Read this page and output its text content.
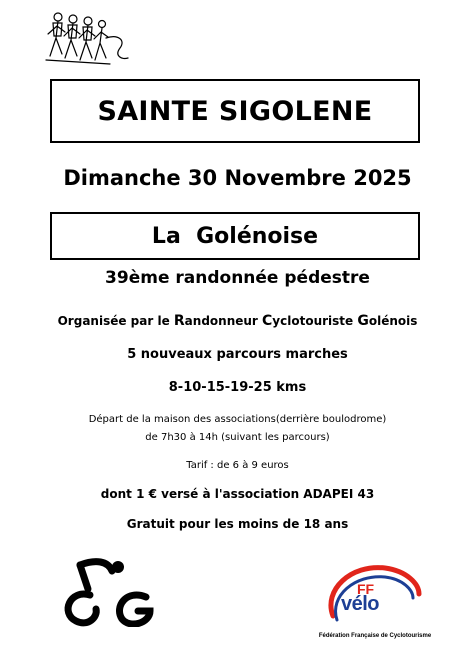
SAINTE SIGOLENE
Dimanche 30 Novembre 2025
La  Golénoise
39ème randonnée pédestre
Organisée par le Randonneur Cyclotouriste Golénois
5 nouveaux parcours marches
8-10-15-19-25 kms
Départ de la maison des associations(derrière boulodrome)
de 7h30 à 14h (suivant les parcours)
Tarif : de 6 à 9 euros
dont 1 € versé à l'association ADAPEI 43
Gratuit pour les moins de 18 ans
FF
vélo
Fédération Française de Cyclotourisme
